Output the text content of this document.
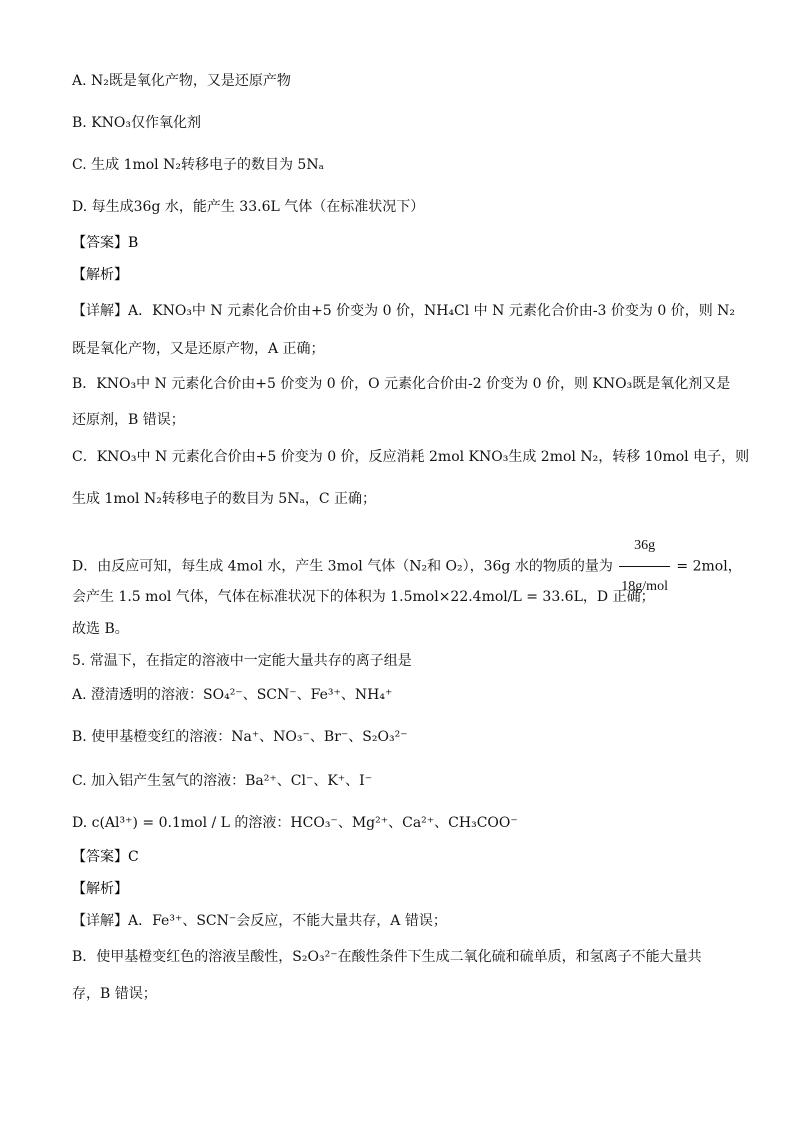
A. N₂既是氧化产物，又是还原产物
B. KNO₃仅作氧化剂
C. 生成 1mol N₂转移电子的数目为 5Nₐ
D. 每生成36g 水，能产生 33.6L 气体（在标准状况下）
【答案】B
【解析】
【详解】A．KNO₃中 N 元素化合价由+5 价变为 0 价，NH₄Cl 中 N 元素化合价由-3 价变为 0 价，则 N₂
既是氧化产物，又是还原产物，A 正确；
B．KNO₃中 N 元素化合价由+5 价变为 0 价，O 元素化合价由-2 价变为 0 价，则 KNO₃既是氧化剂又是
还原剂，B 错误；
C．KNO₃中 N 元素化合价由+5 价变为 0 价，反应消耗 2mol KNO₃生成 2mol N₂，转移 10mol 电子，则
生成 1mol N₂转移电子的数目为 5Nₐ，C 正确；
D．由反应可知，每生成 4mol 水，产生 3mol 气体（N₂和 O₂），36g 水的物质的量为 $\frac{36g}{\text{18g/mol}} = 2mol$，
会产生 1.5 mol 气体，气体在标准状况下的体积为 1.5mol×22.4mol/L = 33.6L，D 正确；
故选 B。
5. 常温下，在指定的溶液中一定能大量共存的离子组是
A. 澄清透明的溶液：SO₄²⁻、SCN⁻、Fe³⁺、NH₄⁺
B. 使甲基橙变红的溶液：Na⁺、NO₃⁻、Br⁻、S₂O₃²⁻
C. 加入铝产生氢气的溶液：Ba²⁺、Cl⁻、K⁺、I⁻
D. c(Al³⁺) = 0.1mol / L 的溶液：HCO₃⁻、Mg²⁺、Ca²⁺、CH₃COO⁻
【答案】C
【解析】
【详解】A．Fe³⁺、SCN⁻会反应，不能大量共存，A 错误；
B．使甲基橙变红色的溶液呈酸性，S₂O₃²⁻在酸性条件下生成二氧化硫和硫单质，和氢离子不能大量共
存，B 错误；
